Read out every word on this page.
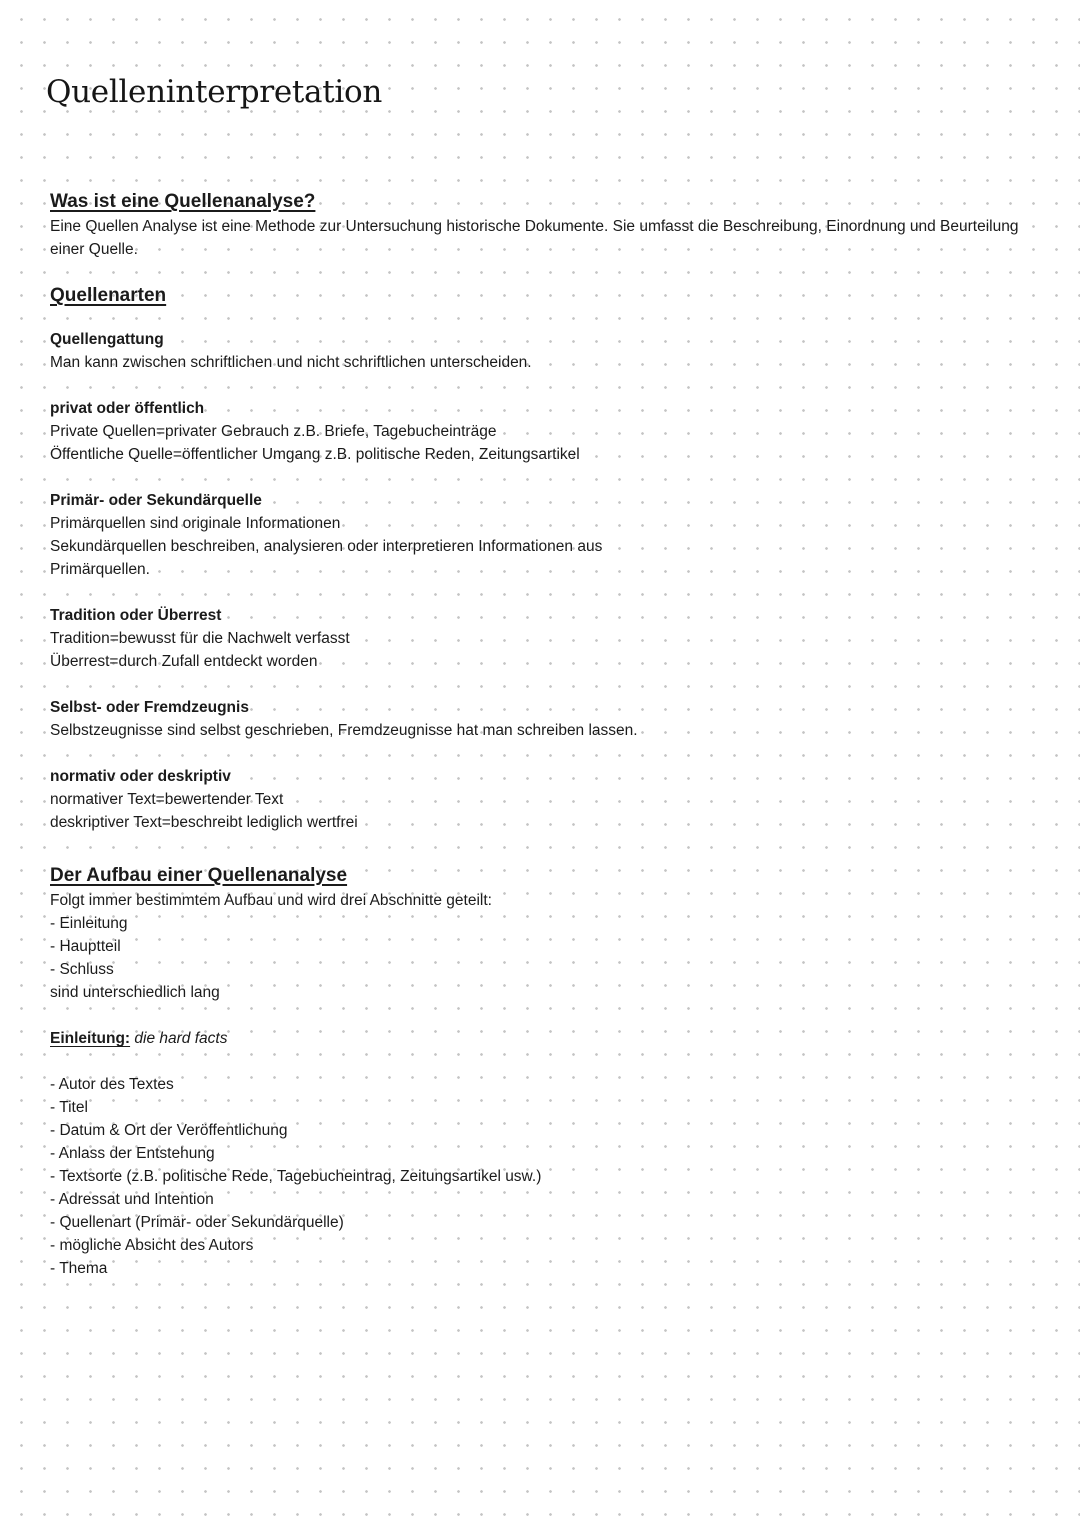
Quelleninterpretation
Was ist eine Quellenanalyse?

Eine Quellen Analyse ist eine Methode zur Untersuchung historische Dokumente. Sie umfasst die Beschreibung, Einordnung und Beurteilung einer Quelle.

Quellenarten

Quellengattung

Man kann zwischen schriftlichen und nicht schriftlichen unterscheiden.

privat oder öffentlich

Private Quellen=privater Gebrauch z.B. Briefe, Tagebucheinträge

Öffentliche Quelle=öffentlicher Umgang z.B. politische Reden, Zeitungsartikel

Primär- oder Sekundärquelle

Primärquellen sind originale Informationen

Sekundärquellen beschreiben, analysieren oder interpretieren Informationen aus

Primärquellen.

Tradition oder Überrest

Tradition=bewusst für die Nachwelt verfasst

Überrest=durch Zufall entdeckt worden

Selbst- oder Fremdzeugnis

Selbstzeugnisse sind selbst geschrieben, Fremdzeugnisse hat man schreiben lassen.

normativ oder deskriptiv

normativer Text=bewertender Text

deskriptiver Text=beschreibt lediglich wertfrei

Der Aufbau einer Quellenanalyse

Folgt immer bestimmtem Aufbau und wird drei Abschnitte geteilt:

- Einleitung
- Hauptteil
- Schluss

sind unterschiedlich lang

Einleitung: die hard facts

- Autor des Textes
- Titel
- Datum & Ort der Veröffentlichung
- Anlass der Entstehung
- Textsorte (z.B. politische Rede, Tagebucheintrag, Zeitungsartikel usw.)
- Adressat und Intention
- Quellenart (Primär- oder Sekundärquelle)
- mögliche Absicht des Autors
- Thema
